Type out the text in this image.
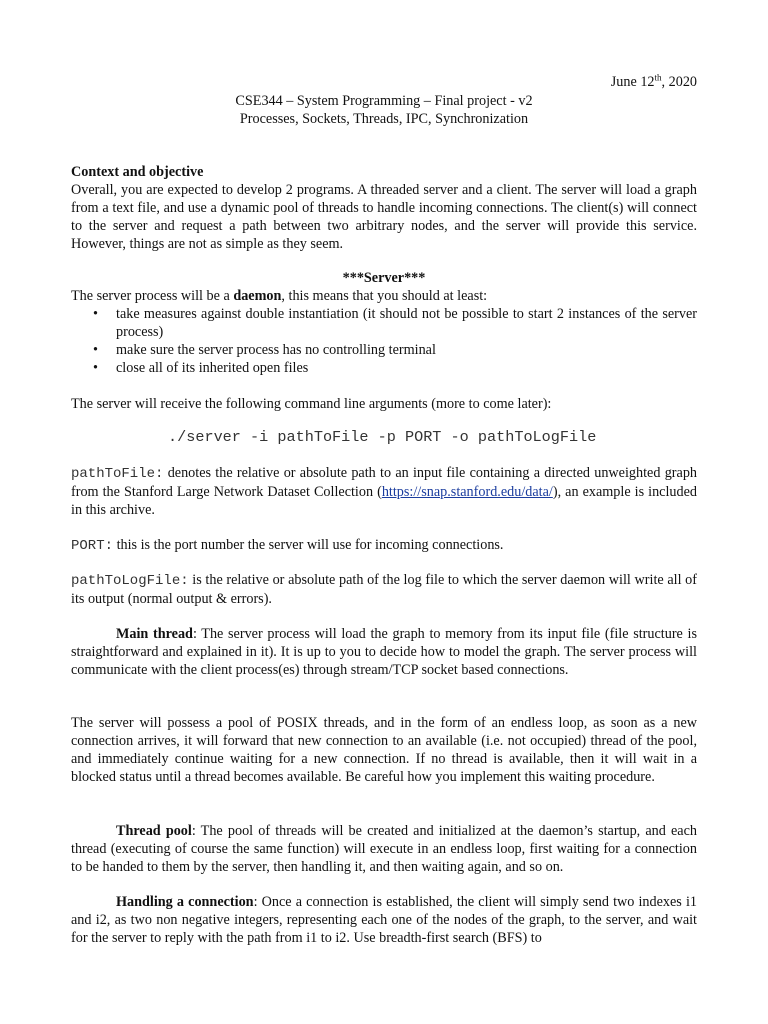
June 12th, 2020
CSE344 – System Programming – Final project - v2
Processes, Sockets, Threads, IPC, Synchronization

Context and objective

Overall, you are expected to develop 2 programs. A threaded server and a client. The server will load a graph from a text file, and use a dynamic pool of threads to handle incoming connections. The client(s) will connect to the server and request a path between two arbitrary nodes, and the server will provide this service. However, things are not as simple as they seem.

***Server***

The server process will be a daemon, this means that you should at least:

• take measures against double instantiation (it should not be possible to start 2 instances of the server process)
• make sure the server process has no controlling terminal
• close all of its inherited open files
The server will receive the following command line arguments (more to come later):
./server -i pathToFile -p PORT -o pathToLogFile
pathToFile: denotes the relative or absolute path to an input file containing a directed unweighted graph from the Stanford Large Network Dataset Collection (https://snap.stanford.edu/data/), an example is included in this archive.
PORT: this is the port number the server will use for incoming connections.
pathToLogFile: is the relative or absolute path of the log file to which the server daemon will write all of its output (normal output & errors).
Main thread: The server process will load the graph to memory from its input file (file structure is straightforward and explained in it). It is up to you to decide how to model the graph. The server process will communicate with the client process(es) through stream/TCP socket based connections.
The server will possess a pool of POSIX threads, and in the form of an endless loop, as soon as a new connection arrives, it will forward that new connection to an available (i.e. not occupied) thread of the pool, and immediately continue waiting for a new connection. If no thread is available, then it will wait in a blocked status until a thread becomes available. Be careful how you implement this waiting procedure.
Thread pool: The pool of threads will be created and initialized at the daemon’s startup, and each thread (executing of course the same function) will execute in an endless loop, first waiting for a connection to be handed to them by the server, then handling it, and then waiting again, and so on.
Handling a connection: Once a connection is established, the client will simply send two indexes i1 and i2, as two non negative integers, representing each one of the nodes of the graph, to the server, and wait for the server to reply with the path from i1 to i2. Use breadth-first search (BFS) to
